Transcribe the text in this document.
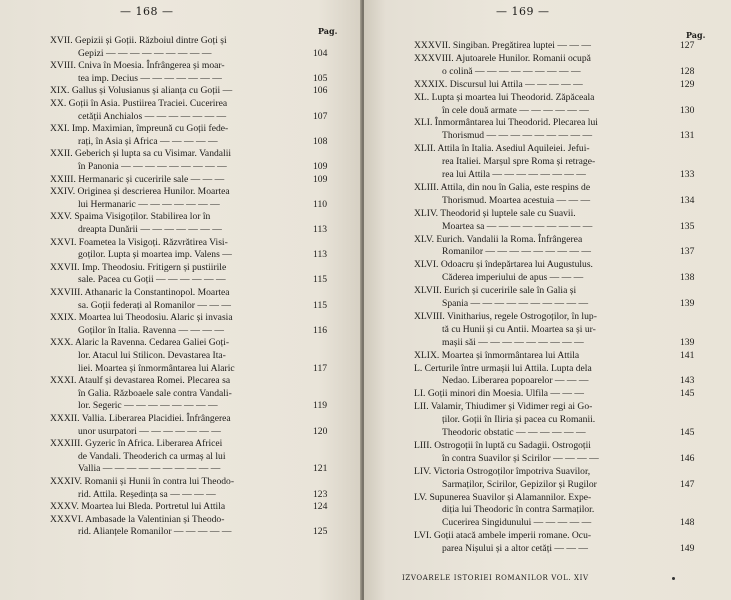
— 168 —
Pag.
XVII. Gepizii și Goții. Războiul dintre Goți și
Gepizi — — — — — — — — —	104
XVIII. Cniva în Moesia. Înfrângerea și moar-
tea imp. Decius — — — — — — —	105
XIX. Gallus și Volusianus și alianța cu Goții —	106
XX. Goții în Asia. Pustiirea Traciei. Cucerirea
cetății Anchialos — — — — — — —	107
XXI. Imp. Maximian, împreună cu Goții fede-
rați, în Asia și Africa — — — — —	108
XXII. Geberich și lupta sa cu Visimar. Vandalii
în Panonia — — — — — — — — —	109
XXIII. Hermanaric și cuceririle sale — — —	109
XXIV. Originea și descrierea Hunilor. Moartea
lui Hermanaric — — — — — — —	110
XXV. Spaima Visigoților. Stabilirea lor în
dreapta Dunării — — — — — — —	113
XXVI. Foametea la Visigoți. Răzvrătirea Visi-
goților. Lupta și moartea imp. Valens —	113
XXVII. Imp. Theodosiu. Fritigern și pustiirile
sale. Pacea cu Goții — — — — — —	115
XXVIII. Athanaric la Constantinopol. Moartea
sa. Goții federați al Romanilor — — —	115
XXIX. Moartea lui Theodosiu. Alaric și invasia
Goților în Italia. Ravenna — — — —	116
XXX. Alaric la Ravenna. Cedarea Galiei Goți-
lor. Atacul lui Stilicon. Devastarea Ita-
liei. Moartea și înmormântarea lui Alaric	117
XXXI. Ataulf și devastarea Romei. Plecarea sa
în Galia. Războaele sale contra Vandali-
lor. Segeric — — — — — — — —	119
XXXII. Vallia. Liberarea Placidiei. Înfrângerea
unor usurpatori — — — — — — —	120
XXXIII. Gyzeric în Africa. Liberarea Africei
de Vandali. Theoderich ca urmaș al lui
Vallia — — — — — — — — — —	121
XXXIV. Romanii și Hunii în contra lui Theodo-
rid. Attila. Reședința sa — — — —	123
XXXV. Moartea lui Bleda. Portretul lui Attila	124
XXXVI. Ambasade la Valentinian și Theodo-
rid. Alianțele Romanilor — — — — —	125
— 169 —
Pag.
XXXVII. Singiban. Pregătirea luptei — — —	127
XXXVIII. Ajutoarele Hunilor. Romanii ocupă
o colină — — — — — — — — —	128
XXXIX. Discursul lui Attila — — — — —	129
XL. Lupta și moartea lui Theodorid. Zăpăceala
în cele două armate — — — — — —	130
XLI. Înmormântarea lui Theodorid. Plecarea lui
Thorismud — — — — — — — — —	131
XLII. Attila în Italia. Asediul Aquileiei. Jefui-
rea Italiei. Marșul spre Roma și retrage-
rea lui Attila — — — — — — — —	133
XLIII. Attila, din nou în Galia, este respins de
Thorismud. Moartea acestuia — — —	134
XLIV. Theodorid și luptele sale cu Suavii.
Moartea sa — — — — — — — — —	135
XLV. Eurich. Vandalii la Roma. Înfrângerea
Romanilor — — — — — — — — —	137
XLVI. Odoacru și îndepărtarea lui Augustulus.
Căderea imperiului de apus — — —	138
XLVII. Eurich și cuceririle sale în Galia și
Spania — — — — — — — — — —	139
XLVIII. Vinitharius, regele Ostrogoților, în lup-
tă cu Hunii și cu Antii. Moartea sa și ur-
mașii săi — — — — — — — — —	139
XLIX. Moartea și înmormântarea lui Attila	141
L. Certurile între urmașii lui Attila. Lupta dela
Nedao. Liberarea popoarelor — — —	143
LI. Goții minori din Moesia. Ulfila — — —	145
LII. Valamir, Thiudimer și Vidimer regi ai Go-
ților. Goții în Iliria și pacea cu Romanii.
Theodoric obstatic — — — — — —	145
LIII. Ostrogoții în luptă cu Sadagii. Ostrogoții
în contra Suavilor și Scirilor — — — —	146
LIV. Victoria Ostrogoților împotriva Suavilor,
Sarmaților, Scirilor, Gepizilor și Rugilor	147
LV. Supunerea Suavilor și Alamannilor. Expe-
diția lui Theodoric în contra Sarmaților.
Cucerirea Singidunului — — — — —	148
LVI. Goții atacă ambele imperii romane. Ocu-
parea Nișului și a altor cetăți — — —	149
IZVOARELE ISTORIEI ROMANILOR VOL. XIV
